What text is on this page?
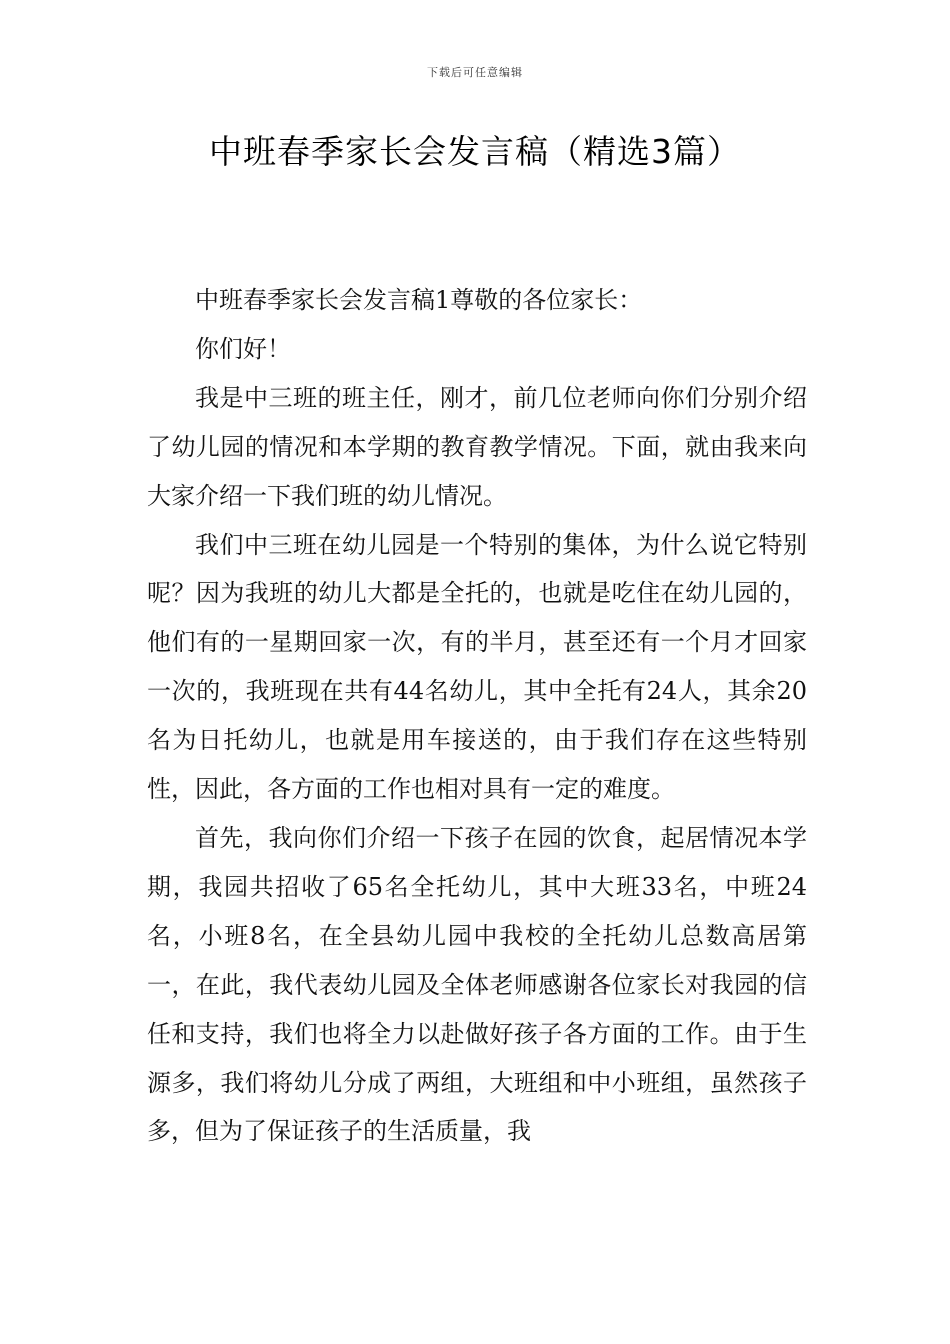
下载后可任意编辑
中班春季家长会发言稿（精选3篇）

中班春季家长会发言稿1尊敬的各位家长：

你们好！

我是中三班的班主任，刚才，前几位老师向你们分别介绍了幼儿园的情况和本学期的教育教学情况。下面，就由我来向大家介绍一下我们班的幼儿情况。

我们中三班在幼儿园是一个特别的集体，为什么说它特别呢？因为我班的幼儿大都是全托的，也就是吃住在幼儿园的，他们有的一星期回家一次，有的半月，甚至还有一个月才回家一次的，我班现在共有44名幼儿，其中全托有24人，其余20名为日托幼儿，也就是用车接送的，由于我们存在这些特别性，因此，各方面的工作也相对具有一定的难度。

首先，我向你们介绍一下孩子在园的饮食，起居情况本学期，我园共招收了65名全托幼儿，其中大班33名，中班24名，小班8名，在全县幼儿园中我校的全托幼儿总数高居第一，在此，我代表幼儿园及全体老师感谢各位家长对我园的信任和支持，我们也将全力以赴做好孩子各方面的工作。由于生源多，我们将幼儿分成了两组，大班组和中小班组，虽然孩子多，但为了保证孩子的生活质量，我
